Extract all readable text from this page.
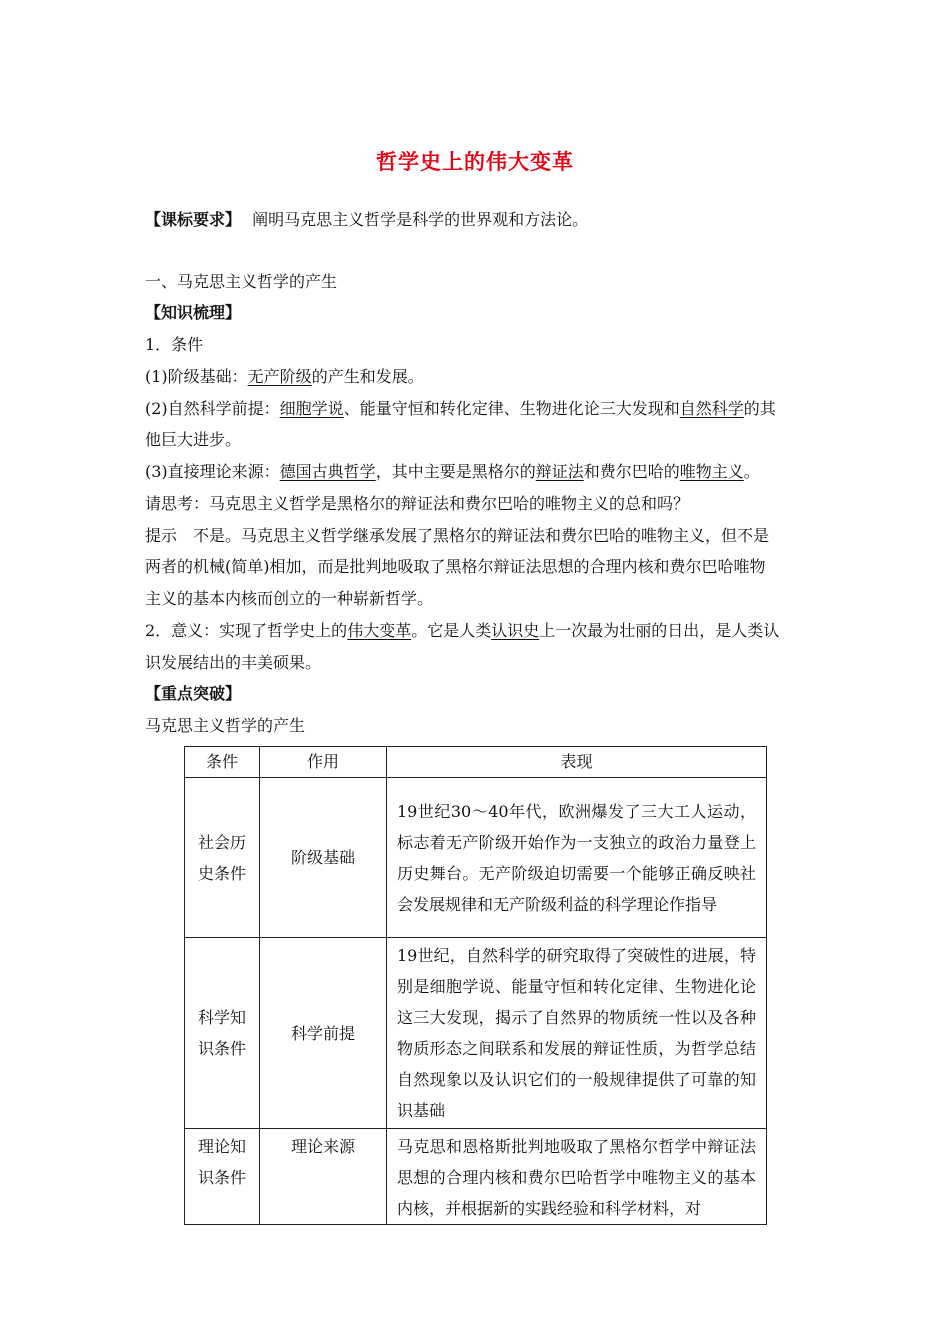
哲学史上的伟大变革
【课标要求】 阐明马克思主义哲学是科学的世界观和方法论。
一、马克思主义哲学的产生
【知识梳理】
1．条件
(1)阶级基础：无产阶级的产生和发展。
(2)自然科学前提：细胞学说、能量守恒和转化定律、生物进化论三大发现和自然科学的其
他巨大进步。
(3)直接理论来源：德国古典哲学，其中主要是黑格尔的辩证法和费尔巴哈的唯物主义。
请思考：马克思主义哲学是黑格尔的辩证法和费尔巴哈的唯物主义的总和吗？
提示　不是。马克思主义哲学继承发展了黑格尔的辩证法和费尔巴哈的唯物主义，但不是
两者的机械(简单)相加，而是批判地吸取了黑格尔辩证法思想的合理内核和费尔巴哈唯物
主义的基本内核而创立的一种崭新哲学。
2．意义：实现了哲学史上的伟大变革。它是人类认识史上一次最为壮丽的日出，是人类认
识发展结出的丰美硕果。
【重点突破】
马克思主义哲学的产生
条件	作用	表现

社会历
史条件	阶级基础	19世纪30～40年代，欧洲爆发了三大工人运动，标志着无产阶级开始作为一支独立的政治力量登上历史舞台。无产阶级迫切需要一个能够正确反映社会发展规律和无产阶级利益的科学理论作指导

科学知
识条件	科学前提	19世纪，自然科学的研究取得了突破性的进展，特别是细胞学说、能量守恒和转化定律、生物进化论这三大发现，揭示了自然界的物质统一性以及各种物质形态之间联系和发展的辩证性质，为哲学总结自然现象以及认识它们的一般规律提供了可靠的知识基础

理论知
识条件	理论来源	马克思和恩格斯批判地吸取了黑格尔哲学中辩证法思想的合理内核和费尔巴哈哲学中唯物主义的基本内核，并根据新的实践经验和科学材料，对
